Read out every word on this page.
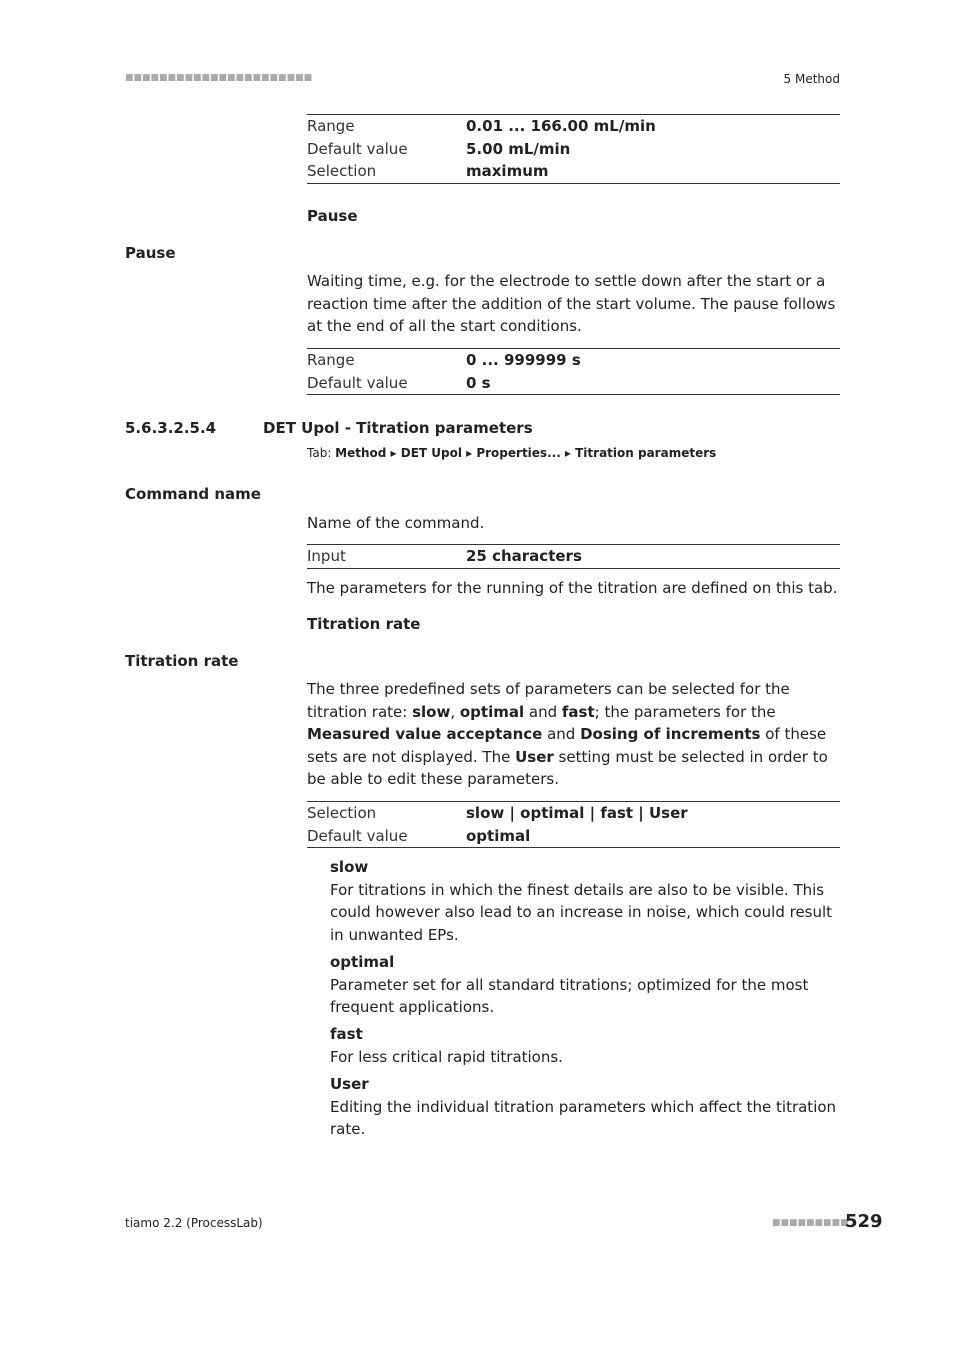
■■■■■■■■■■■■■■■■■■■■■■	5 Method
Range	0.01 ... 166.00 mL/min
Default value	5.00 mL/min
Selection	maximum
Pause
Pause
Waiting time, e.g. for the electrode to settle down after the start or a reaction time after the addition of the start volume. The pause follows at the end of all the start conditions.
Range	0 ... 999999 s
Default value	0 s
5.6.3.2.5.4	DET Upol - Titration parameters
Tab: Method ▸ DET Upol ▸ Properties... ▸ Titration parameters
Command name
Name of the command.
Input	25 characters
The parameters for the running of the titration are defined on this tab.
Titration rate
Titration rate
The three predefined sets of parameters can be selected for the titration rate: slow, optimal and fast; the parameters for the Measured value acceptance and Dosing of increments of these sets are not displayed. The User setting must be selected in order to be able to edit these parameters.
Selection	slow | optimal | fast | User
Default value	optimal
slow
For titrations in which the finest details are also to be visible. This could however also lead to an increase in noise, which could result in unwanted EPs.
optimal
Parameter set for all standard titrations; optimized for the most frequent applications.
fast
For less critical rapid titrations.
User
Editing the individual titration parameters which affect the titration rate.
tiamo 2.2 (ProcessLab)	■■■■■■■■■
529
